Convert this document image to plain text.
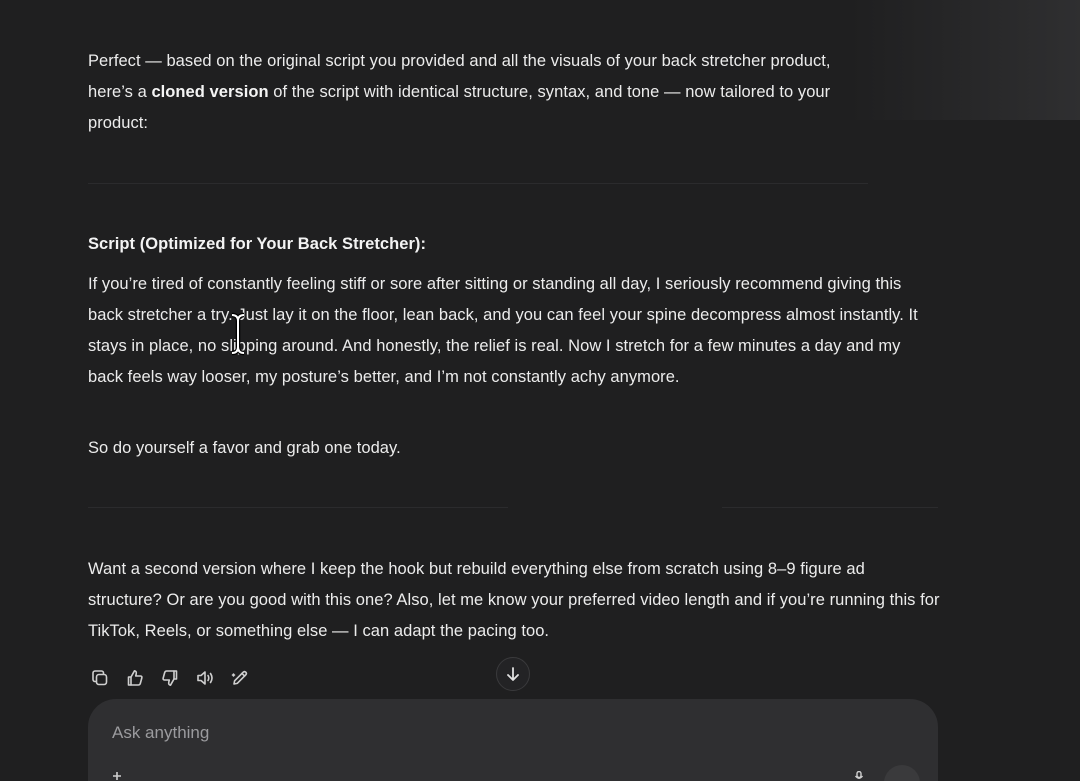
Perfect — based on the original script you provided and all the visuals of your back stretcher product,
here’s a cloned version of the script with identical structure, syntax, and tone — now tailored to your
product:

Script (Optimized for Your Back Stretcher):

If you’re tired of constantly feeling stiff or sore after sitting or standing all day, I seriously recommend giving this back stretcher a try. Just lay it on the floor, lean back, and you can feel your spine decompress almost instantly. It stays in place, no slipping around. And honestly, the relief is real. Now I stretch for a few minutes a day and my back feels way looser, my posture’s better, and I’m not constantly achy anymore.

So do yourself a favor and grab one today.

Want a second version where I keep the hook but rebuild everything else from scratch using 8–9 figure ad structure? Or are you good with this one? Also, let me know your preferred video length and if you’re running this for TikTok, Reels, or something else — I can adapt the pacing too.

Ask anything
